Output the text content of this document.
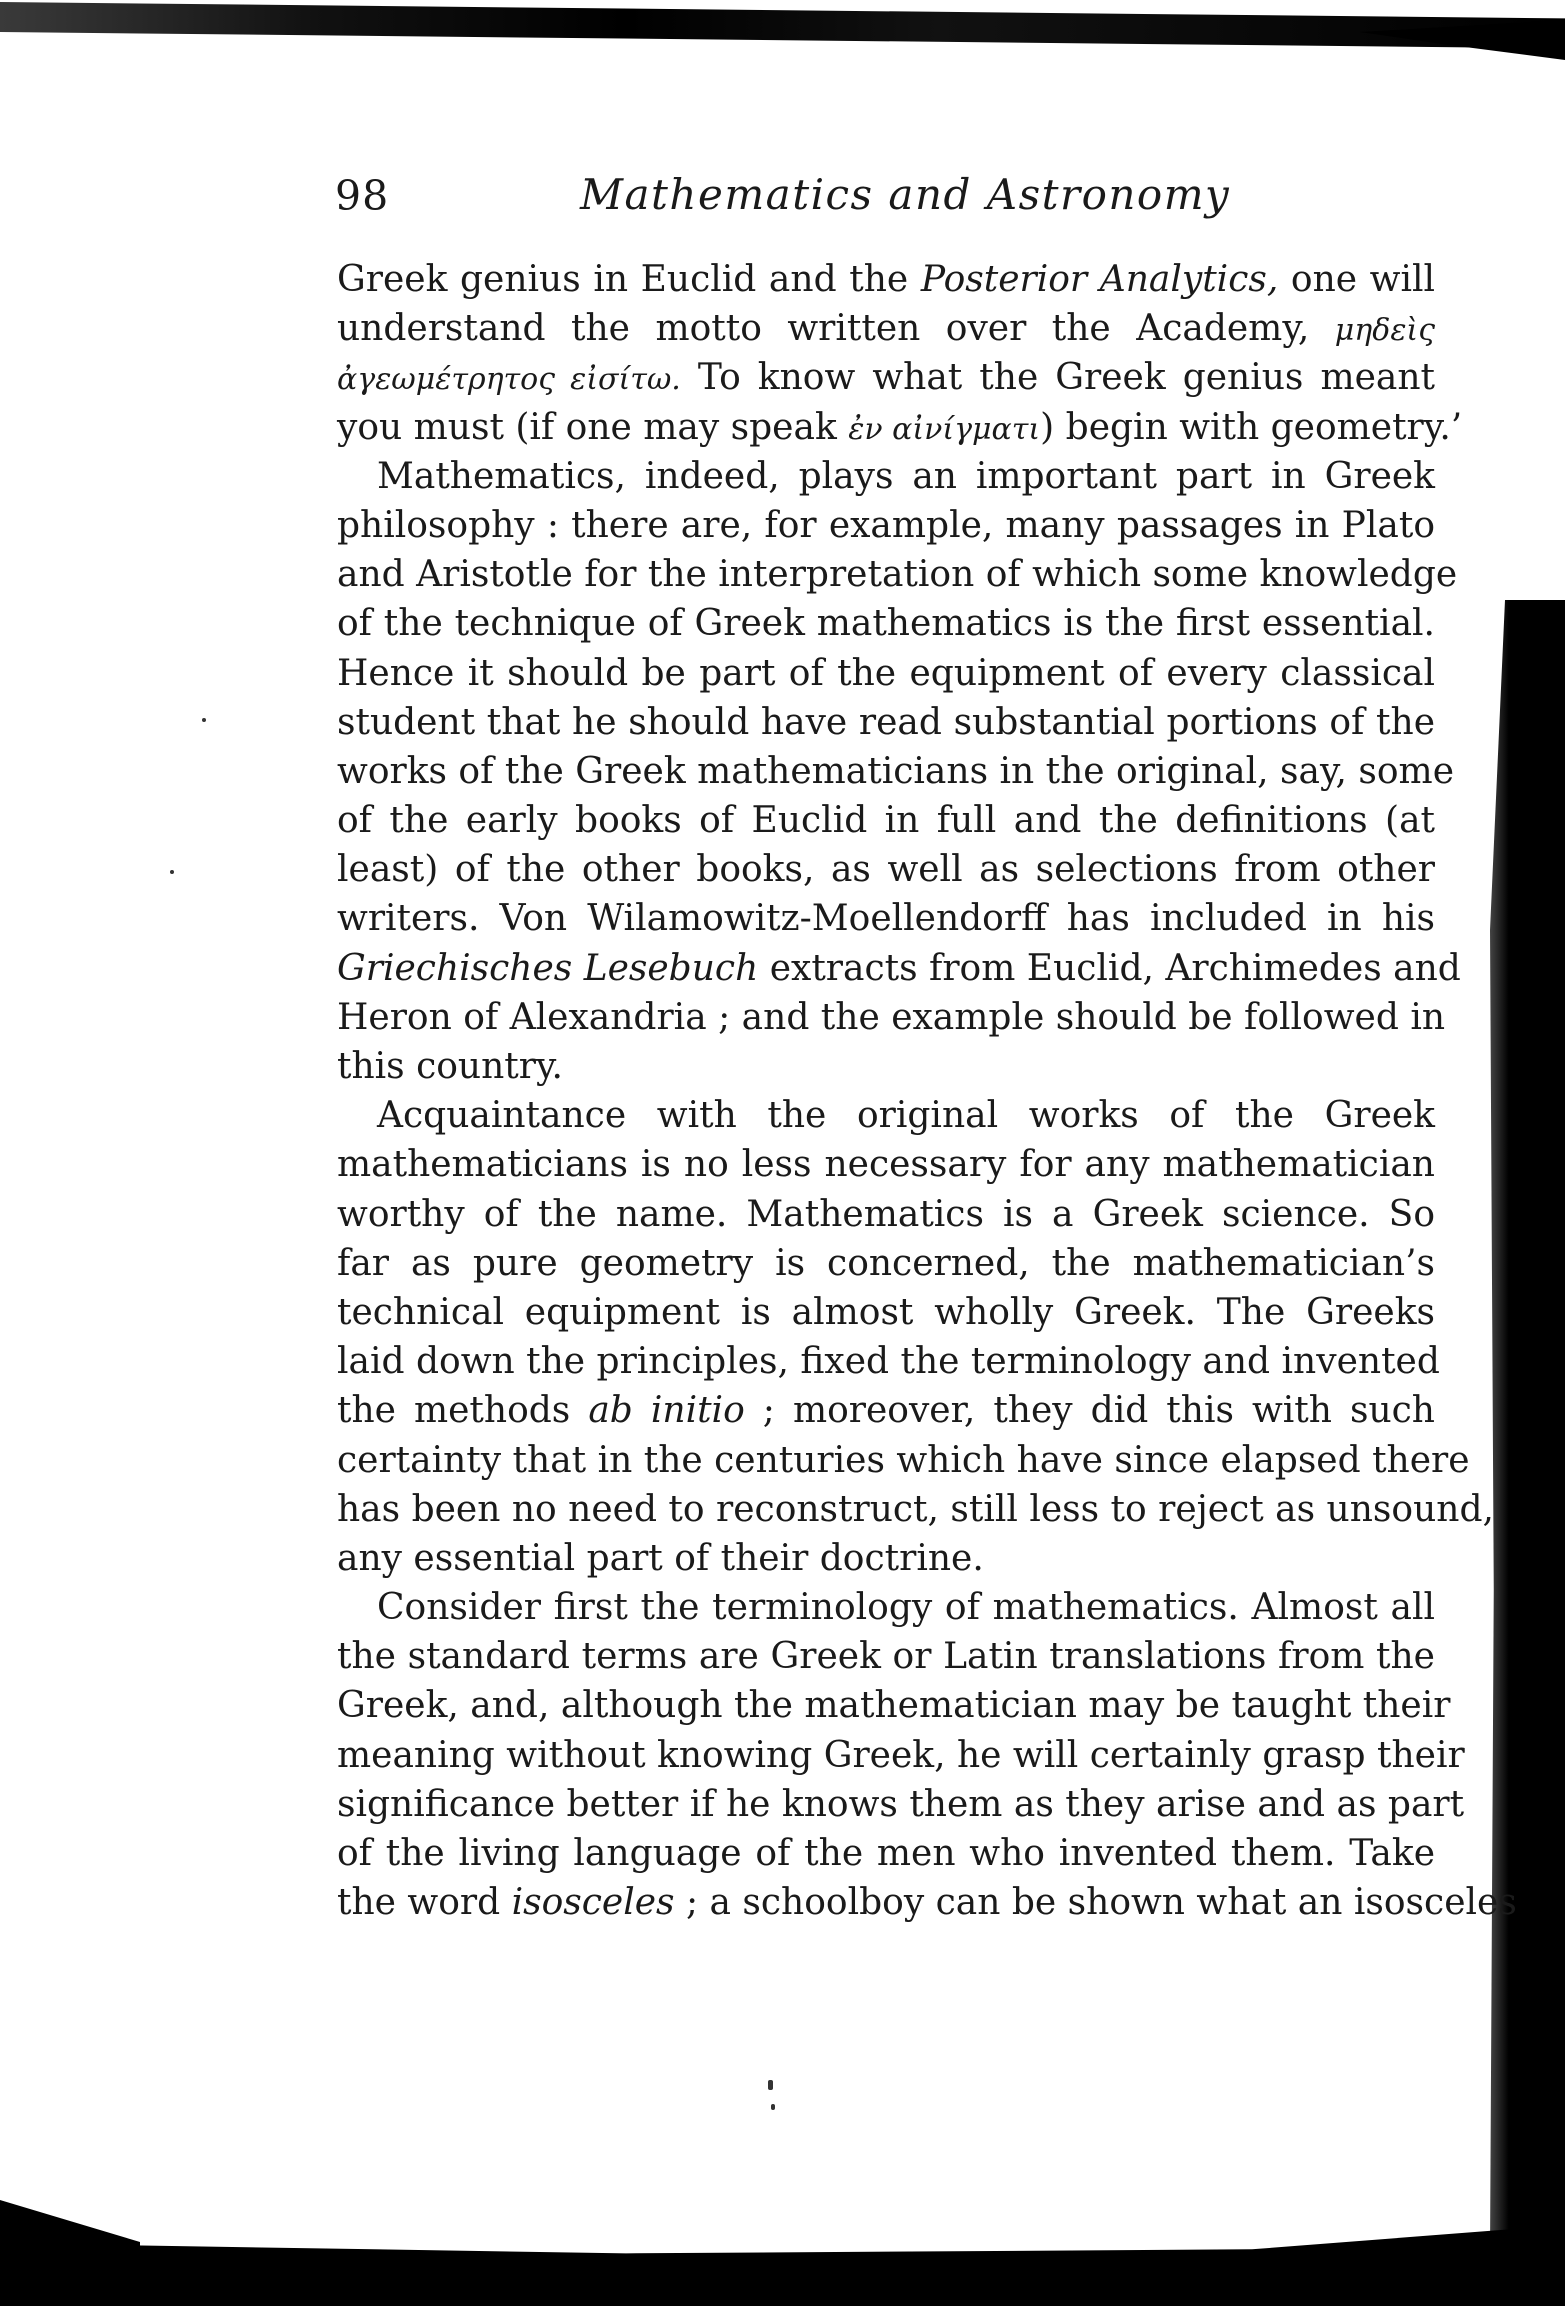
98	Mathematics and Astronomy
Greek genius in Euclid and the Posterior Analytics, one will
understand the motto written over the Academy, μηδεὶς
ἀγεωμέτρητος εἰσίτω. To know what the Greek genius meant
you must (if one may speak ἐν αἰνίγματι) begin with geometry.’
Mathematics, indeed, plays an important part in Greek
philosophy : there are, for example, many passages in Plato
and Aristotle for the interpretation of which some knowledge
of the technique of Greek mathematics is the first essential.
Hence it should be part of the equipment of every classical
student that he should have read substantial portions of the
works of the Greek mathematicians in the original, say, some
of the early books of Euclid in full and the definitions (at
least) of the other books, as well as selections from other
writers. Von Wilamowitz-Moellendorff has included in his
Griechisches Lesebuch extracts from Euclid, Archimedes and
Heron of Alexandria ; and the example should be followed in
this country.
Acquaintance with the original works of the Greek
mathematicians is no less necessary for any mathematician
worthy of the name. Mathematics is a Greek science. So
far as pure geometry is concerned, the mathematician’s
technical equipment is almost wholly Greek. The Greeks
laid down the principles, fixed the terminology and invented
the methods ab initio ; moreover, they did this with such
certainty that in the centuries which have since elapsed there
has been no need to reconstruct, still less to reject as unsound,
any essential part of their doctrine.
Consider first the terminology of mathematics. Almost all
the standard terms are Greek or Latin translations from the
Greek, and, although the mathematician may be taught their
meaning without knowing Greek, he will certainly grasp their
significance better if he knows them as they arise and as part
of the living language of the men who invented them. Take
the word isosceles ; a schoolboy can be shown what an isosceles
